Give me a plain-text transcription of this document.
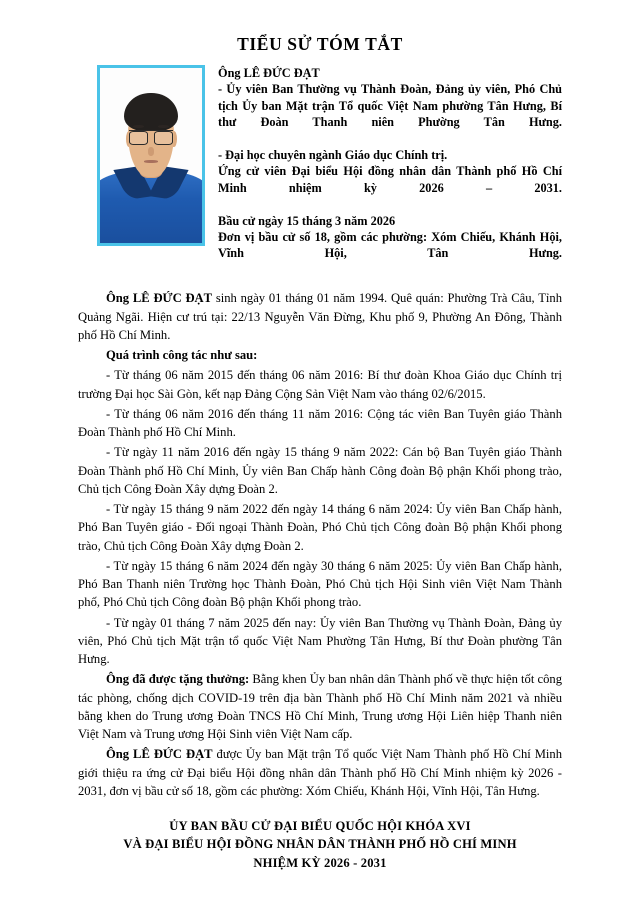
TIỂU SỬ TÓM TẮT

Ông LÊ ĐỨC ĐẠT

- Ủy viên Ban Thường vụ Thành Đoàn, Đảng ủy viên, Phó Chủ tịch Ủy ban Mặt trận Tổ quốc Việt Nam phường Tân Hưng, Bí thư Đoàn Thanh niên Phường Tân Hưng.

- Đại học chuyên ngành Giáo dục Chính trị.

Ứng cử viên Đại biểu Hội đồng nhân dân Thành phố Hồ Chí Minh nhiệm kỳ 2026 – 2031.

Bầu cử ngày 15 tháng 3 năm 2026

Đơn vị bầu cử số 18, gồm các phường: Xóm Chiếu, Khánh Hội, Vĩnh Hội, Tân Hưng.

Ông LÊ ĐỨC ĐẠT sinh ngày 01 tháng 01 năm 1994. Quê quán: Phường Trà Câu, Tỉnh Quảng Ngãi. Hiện cư trú tại: 22/13 Nguyễn Văn Đừng, Khu phố 9, Phường An Đông, Thành phố Hồ Chí Minh.

Quá trình công tác như sau:

- Từ tháng 06 năm 2015 đến tháng 06 năm 2016: Bí thư đoàn Khoa Giáo dục Chính trị trường Đại học Sài Gòn, kết nạp Đảng Cộng Sản Việt Nam vào tháng 02/6/2015.

- Từ tháng 06 năm 2016 đến tháng 11 năm 2016: Cộng tác viên Ban Tuyên giáo Thành Đoàn Thành phố Hồ Chí Minh.

- Từ ngày 11 năm 2016 đến ngày 15 tháng 9 năm 2022: Cán bộ Ban Tuyên giáo Thành Đoàn Thành phố Hồ Chí Minh, Ủy viên Ban Chấp hành Công đoàn Bộ phận Khối phong trào, Chủ tịch Công Đoàn Xây dựng Đoàn 2.

- Từ ngày 15 tháng 9 năm 2022 đến ngày 14 tháng 6 năm 2024: Ủy viên Ban Chấp hành, Phó Ban Tuyên giáo - Đối ngoại Thành Đoàn, Phó Chủ tịch Công đoàn Bộ phận Khối phong trào, Chủ tịch Công Đoàn Xây dựng Đoàn 2.

- Từ ngày 15 tháng 6 năm 2024 đến ngày 30 tháng 6 năm 2025: Ủy viên Ban Chấp hành, Phó Ban Thanh niên Trường học Thành Đoàn, Phó Chủ tịch Hội Sinh viên Việt Nam Thành phố, Phó Chủ tịch Công đoàn Bộ phận Khối phong trào.

- Từ ngày 01 tháng 7 năm 2025 đến nay: Ủy viên Ban Thường vụ Thành Đoàn, Đảng ủy viên, Phó Chủ tịch Mặt trận tổ quốc Việt Nam Phường Tân Hưng, Bí thư Đoàn phường Tân Hưng.

Ông đã được tặng thưởng: Bằng khen Ủy ban nhân dân Thành phố về thực hiện tốt công tác phòng, chống dịch COVID-19 trên địa bàn Thành phố Hồ Chí Minh năm 2021 và nhiều bằng khen do Trung ương Đoàn TNCS Hồ Chí Minh, Trung ương Hội Liên hiệp Thanh niên Việt Nam và Trung ương Hội Sinh viên Việt Nam cấp.

Ông LÊ ĐỨC ĐẠT được Ủy ban Mặt trận Tổ quốc Việt Nam Thành phố Hồ Chí Minh giới thiệu ra ứng cử Đại biểu Hội đồng nhân dân Thành phố Hồ Chí Minh nhiệm kỳ 2026 - 2031, đơn vị bầu cử số 18, gồm các phường: Xóm Chiếu, Khánh Hội, Vĩnh Hội, Tân Hưng.

ỦY BAN BẦU CỬ ĐẠI BIỂU QUỐC HỘI KHÓA XVI
VÀ ĐẠI BIỂU HỘI ĐỒNG NHÂN DÂN THÀNH PHỐ HỒ CHÍ MINH
NHIỆM KỲ 2026 - 2031
